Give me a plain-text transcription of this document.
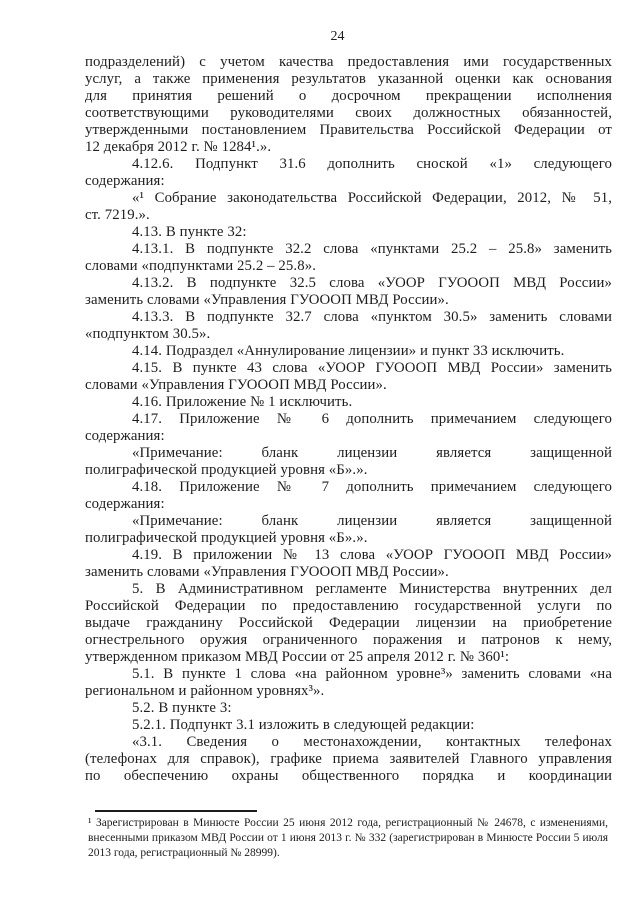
24
подразделений) с учетом качества предоставления ими государственных
услуг, а также применения результатов указанной оценки как основания
для принятия решений о досрочном прекращении исполнения
соответствующими руководителями своих должностных обязанностей,
утвержденными постановлением Правительства Российской Федерации от
12 декабря 2012 г. № 1284¹.».
4.12.6. Подпункт 31.6 дополнить сноской «1» следующего
содержания:
«¹ Собрание законодательства Российской Федерации, 2012, № 51,
ст. 7219.».
4.13. В пункте 32:
4.13.1. В подпункте 32.2 слова «пунктами 25.2 – 25.8» заменить
словами «подпунктами 25.2 – 25.8».
4.13.2. В подпункте 32.5 слова «УООР ГУОООП МВД России»
заменить словами «Управления ГУОООП МВД России».
4.13.3. В подпункте 32.7 слова «пунктом 30.5» заменить словами
«подпунктом 30.5».
4.14. Подраздел «Аннулирование лицензии» и пункт 33 исключить.
4.15. В пункте 43 слова «УООР ГУОООП МВД России» заменить
словами «Управления ГУОООП МВД России».
4.16. Приложение № 1 исключить.
4.17. Приложение № 6 дополнить примечанием следующего
содержания:
«Примечание: бланк лицензии является защищенной
полиграфической продукцией уровня «Б».».
4.18. Приложение № 7 дополнить примечанием следующего
содержания:
«Примечание: бланк лицензии является защищенной
полиграфической продукцией уровня «Б».».
4.19. В приложении № 13 слова «УООР ГУОООП МВД России»
заменить словами «Управления ГУОООП МВД России».
5. В Административном регламенте Министерства внутренних дел
Российской Федерации по предоставлению государственной услуги по
выдаче гражданину Российской Федерации лицензии на приобретение
огнестрельного оружия ограниченного поражения и патронов к нему,
утвержденном приказом МВД России от 25 апреля 2012 г. № 360¹:
5.1. В пункте 1 слова «на районном уровне³» заменить словами «на
региональном и районном уровнях³».
5.2. В пункте 3:
5.2.1. Подпункт 3.1 изложить в следующей редакции:
«3.1. Сведения о местонахождении, контактных телефонах
(телефонах для справок), графике приема заявителей Главного управления
по обеспечению охраны общественного порядка и координации
¹ Зарегистрирован в Минюсте России 25 июня 2012 года, регистрационный № 24678, с изменениями,
внесенными приказом МВД России от 1 июня 2013 г. № 332 (зарегистрирован в Минюсте России 5 июля
2013 года, регистрационный № 28999).
